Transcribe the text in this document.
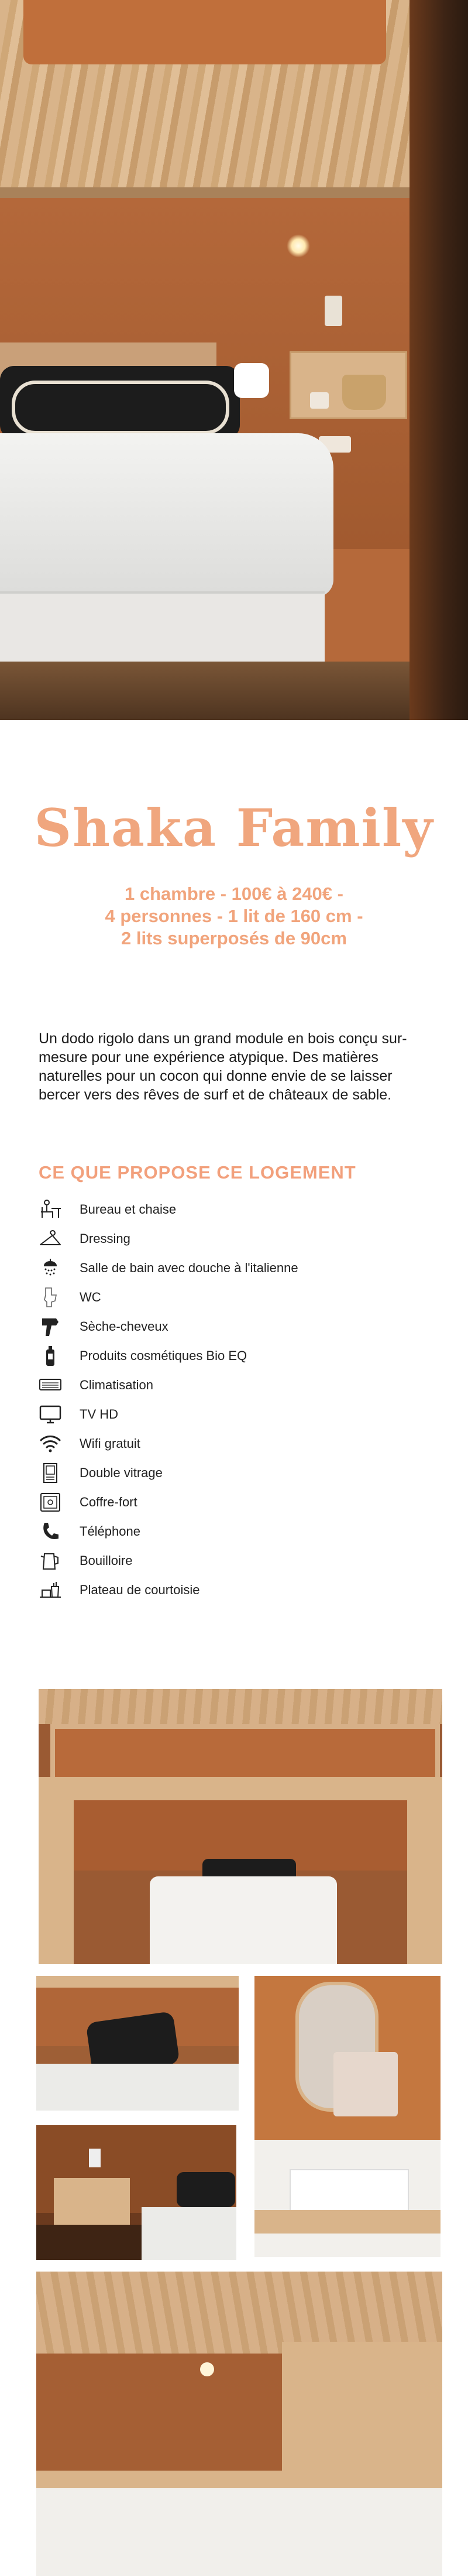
Shaka Family
1 chambre - 100€ à 240€ -
4 personnes - 1 lit de 160 cm -
2 lits superposés de 90cm
Un dodo rigolo dans un grand module en bois conçu sur-mesure pour une expérience atypique. Des matières naturelles pour un cocon qui donne envie de se laisser bercer vers des rêves de surf et de châteaux de sable.
CE QUE PROPOSE CE LOGEMENT
Bureau et chaise
Dressing
Salle de bain avec douche à l'italienne
WC
Sèche-cheveux
Produits cosmétiques Bio EQ
Climatisation
TV HD
Wifi gratuit
Double vitrage
Coffre-fort
Téléphone
Bouilloire
Plateau de courtoisie
